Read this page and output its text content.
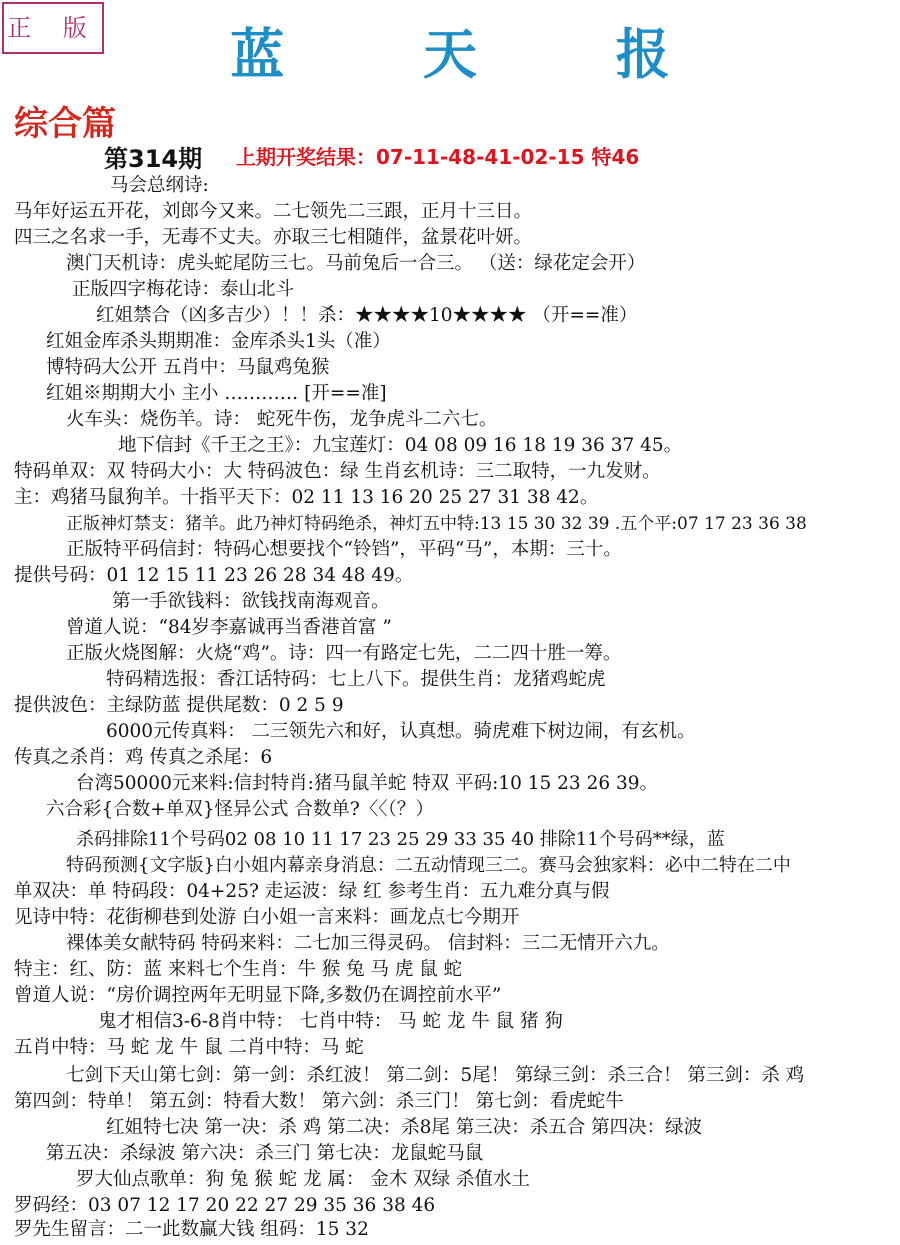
正 版	蓝 天 报
综合篇
第314期 上期开奖结果：07-11-48-41-02-15 特46
马会总纲诗:
马年好运五开花，刘郎今又来。二七领先二三跟，正月十三日。
四三之名求一手，无毒不丈夫。亦取三七相随伴，盆景花叶妍。
澳门天机诗：虎头蛇尾防三七。马前兔后一合三。 （送：绿花定会开）
正版四字梅花诗：泰山北斗
红姐禁合（凶多吉少）！！杀：★★★★10★★★★ （开==准）
红姐金库杀头期期准：金库杀头1头（准）
博特码大公开 五肖中：马鼠鸡兔猴
红姐※期期大小 主小 ………… [开==准]
火车头：烧伤羊。诗： 蛇死牛伤，龙争虎斗二六七。
地下信封《千王之王》：九宝莲灯：04 08 09 16 18 19 36 37 45。
特码单双：双 特码大小：大 特码波色：绿 生肖玄机诗：三二取特，一九发财。
主：鸡猪马鼠狗羊。十指平天下：02 11 13 16 20 25 27 31 38 42。
正版神灯禁支：猪羊。此乃神灯特码绝杀，神灯五中特:13 15 30 32 39 .五个平:07 17 23 36 38
正版特平码信封：特码心想要找个“铃铛”，平码“马”，本期：三十。
提供号码：01 12 15 11 23 26 28 34 48 49。
第一手欲钱料：欲钱找南海观音。
曾道人说：“84岁李嘉诚再当香港首富 ”
正版火烧图解：火烧“鸡”。诗：四一有路定七先，二二四十胜一筹。
特码精选报：香江话特码：七上八下。提供生肖：龙猪鸡蛇虎
提供波色：主绿防蓝 提供尾数：0 2 5 9
6000元传真料： 二三领先六和好，认真想。骑虎难下树边闹，有玄机。
传真之杀肖：鸡 传真之杀尾：6
台湾50000元来料:信封特肖:猪马鼠羊蛇 特双 平码:10 15 23 26 39。
六合彩{合数+单双}怪异公式 合数单?〈〈（？）
杀码排除11个号码02 08 10 11 17 23 25 29 33 35 40 排除11个号码**绿，蓝
特码预测{文字版}白小姐内幕亲身消息：二五动情现三二。赛马会独家料：必中二特在二中
单双决：单 特码段：04+25? 走运波：绿 红 参考生肖：五九难分真与假
见诗中特：花街柳巷到处游 白小姐一言来料：画龙点七今期开
裸体美女献特码 特码来料：二七加三得灵码。 信封料：三二无情开六九。
特主：红、防：蓝 来料七个生肖：牛 猴 兔 马 虎 鼠 蛇
曾道人说：“房价调控两年无明显下降,多数仍在调控前水平”
鬼才相信3-6-8肖中特： 七肖中特： 马 蛇 龙 牛 鼠 猪 狗
五肖中特：马 蛇 龙 牛 鼠 二肖中特：马 蛇
七剑下天山第七剑：第一剑：杀红波！ 第二剑：5尾！ 第绿三剑：杀三合！ 第三剑：杀 鸡
第四剑：特单！ 第五剑：特看大数！ 第六剑：杀三门！ 第七剑：看虎蛇牛
红姐特七决 第一决：杀 鸡 第二决：杀8尾 第三决：杀五合 第四决：绿波
第五决：杀绿波 第六决：杀三门 第七决：龙鼠蛇马鼠
罗大仙点歌单：狗 兔 猴 蛇 龙 属： 金木 双绿 杀值水土
罗码经：03 07 12 17 20 22 27 29 35 36 38 46
罗先生留言：二一此数赢大钱 组码：15 32
